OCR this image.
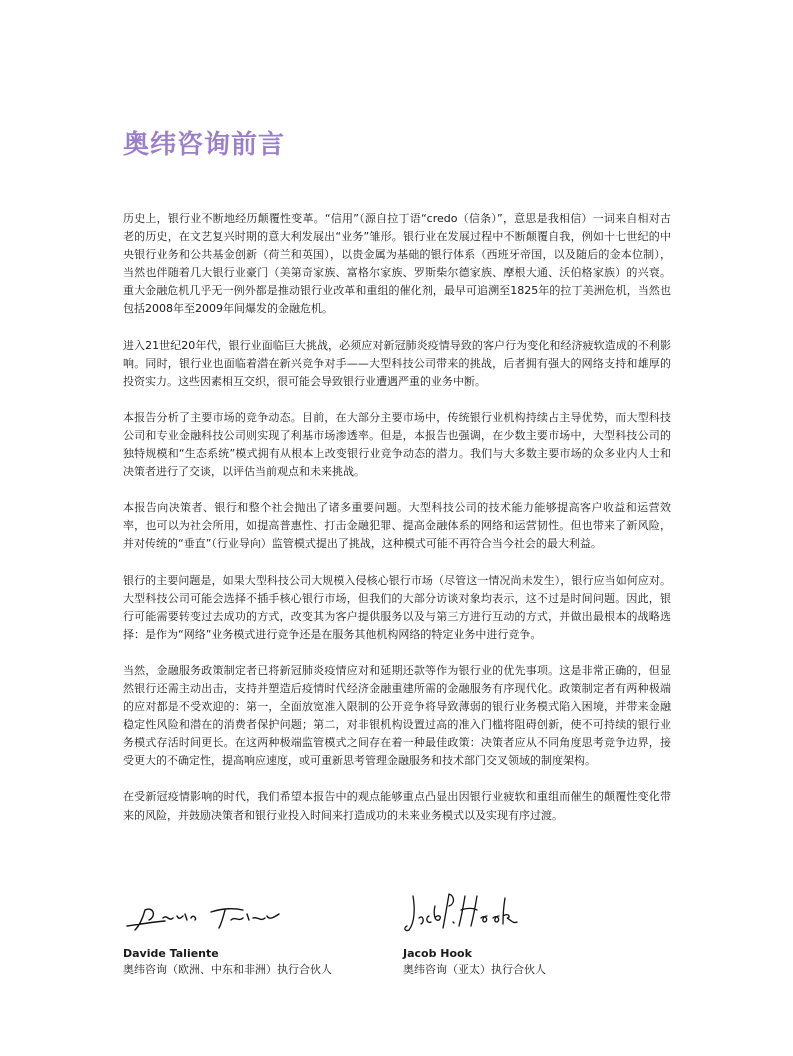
奥纬咨询前言

历史上，银行业不断地经历颠覆性变革。“信用”（源自拉丁语“credo（信条）”，意思是我相信）一词来自相对古老的历史，在文艺复兴时期的意大利发展出“业务”雏形。银行业在发展过程中不断颠覆自我，例如十七世纪的中央银行业务和公共基金创新（荷兰和英国），以贵金属为基础的银行体系（西班牙帝国，以及随后的金本位制），当然也伴随着几大银行业豪门（美第奇家族、富格尔家族、罗斯柴尔德家族、摩根大通、沃伯格家族）的兴衰。重大金融危机几乎无一例外都是推动银行业改革和重组的催化剂，最早可追溯至1825年的拉丁美洲危机，当然也包括2008年至2009年间爆发的金融危机。

进入21世纪20年代，银行业面临巨大挑战，必须应对新冠肺炎疫情导致的客户行为变化和经济疲软造成的不利影响。同时，银行业也面临着潜在新兴竞争对手——大型科技公司带来的挑战，后者拥有强大的网络支持和雄厚的投资实力。这些因素相互交织，很可能会导致银行业遭遇严重的业务中断。

本报告分析了主要市场的竞争动态。目前，在大部分主要市场中，传统银行业机构持续占主导优势，而大型科技公司和专业金融科技公司则实现了利基市场渗透率。但是，本报告也强调，在少数主要市场中，大型科技公司的独特规模和“生态系统”模式拥有从根本上改变银行业竞争动态的潜力。我们与大多数主要市场的众多业内人士和决策者进行了交谈，以评估当前观点和未来挑战。

本报告向决策者、银行和整个社会抛出了诸多重要问题。大型科技公司的技术能力能够提高客户收益和运营效率，也可以为社会所用，如提高普惠性、打击金融犯罪、提高金融体系的网络和运营韧性。但也带来了新风险，并对传统的“垂直”（行业导向）监管模式提出了挑战，这种模式可能不再符合当今社会的最大利益。

银行的主要问题是，如果大型科技公司大规模入侵核心银行市场（尽管这一情况尚未发生），银行应当如何应对。大型科技公司可能会选择不插手核心银行市场，但我们的大部分访谈对象均表示，这不过是时间问题。因此，银行可能需要转变过去成功的方式，改变其为客户提供服务以及与第三方进行互动的方式，并做出最根本的战略选择：是作为“网络”业务模式进行竞争还是在服务其他机构网络的特定业务中进行竞争。

当然，金融服务政策制定者已将新冠肺炎疫情应对和延期还款等作为银行业的优先事项。这是非常正确的，但显然银行还需主动出击，支持并塑造后疫情时代经济金融重建所需的金融服务有序现代化。政策制定者有两种极端的应对都是不受欢迎的：第一，全面放宽准入限制的公开竞争将导致薄弱的银行业务模式陷入困境，并带来金融稳定性风险和潜在的消费者保护问题；第二，对非银机构设置过高的准入门槛将阻碍创新，使不可持续的银行业务模式存活时间更长。在这两种极端监管模式之间存在着一种最佳政策：决策者应从不同角度思考竞争边界，接受更大的不确定性，提高响应速度，或可重新思考管理金融服务和技术部门交叉领域的制度架构。

在受新冠疫情影响的时代，我们希望本报告中的观点能够重点凸显出因银行业疲软和重组而催生的颠覆性变化带来的风险，并鼓励决策者和银行业投入时间来打造成功的未来业务模式以及实现有序过渡。

Davide Taliente
奥纬咨询（欧洲、中东和非洲）执行合伙人
Jacob Hook
奥纬咨询（亚太）执行合伙人
